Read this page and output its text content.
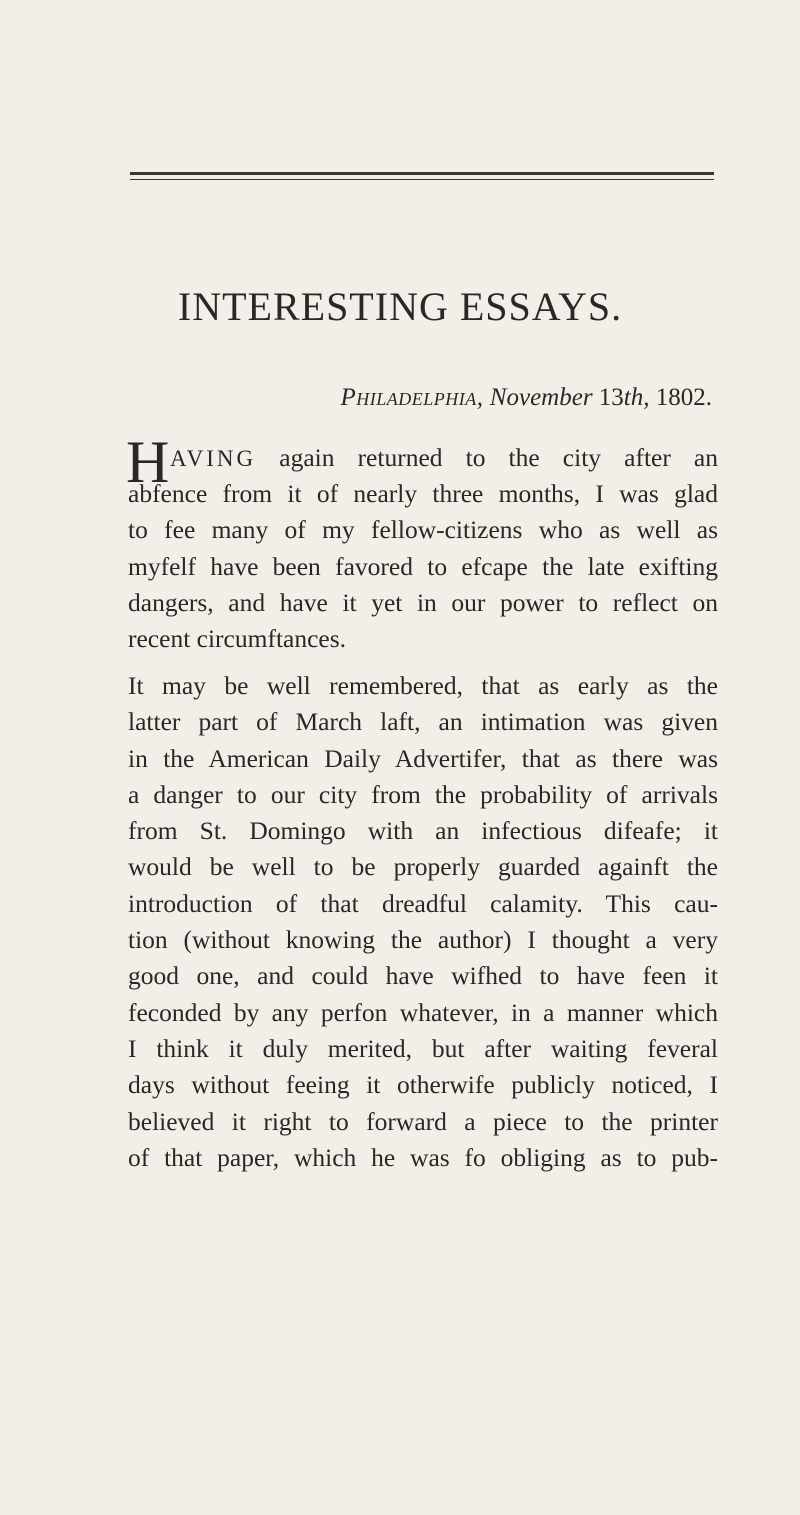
INTERESTING ESSAYS.
Philadelphia, November 13th, 1802.
H AVING again returned to the city after an
abfence from it of nearly three months, I was glad
to fee many of my fellow-citizens who as well as
myfelf have been favored to efcape the late exifting
dangers, and have it yet in our power to reflect on
recent circumftances.
It may be well remembered, that as early as the
latter part of March laft, an intimation was given
in the American Daily Advertifer, that as there was
a danger to our city from the probability of arrivals
from St. Domingo with an infectious difeafe; it
would be well to be properly guarded againft the
introduction of that dreadful calamity. This cau-
tion (without knowing the author) I thought a very
good one, and could have wifhed to have feen it
feconded by any perfon whatever, in a manner which
I think it duly merited, but after waiting feveral
days without feeing it otherwife publicly noticed, I
believed it right to forward a piece to the printer
of that paper, which he was fo obliging as to pub-
